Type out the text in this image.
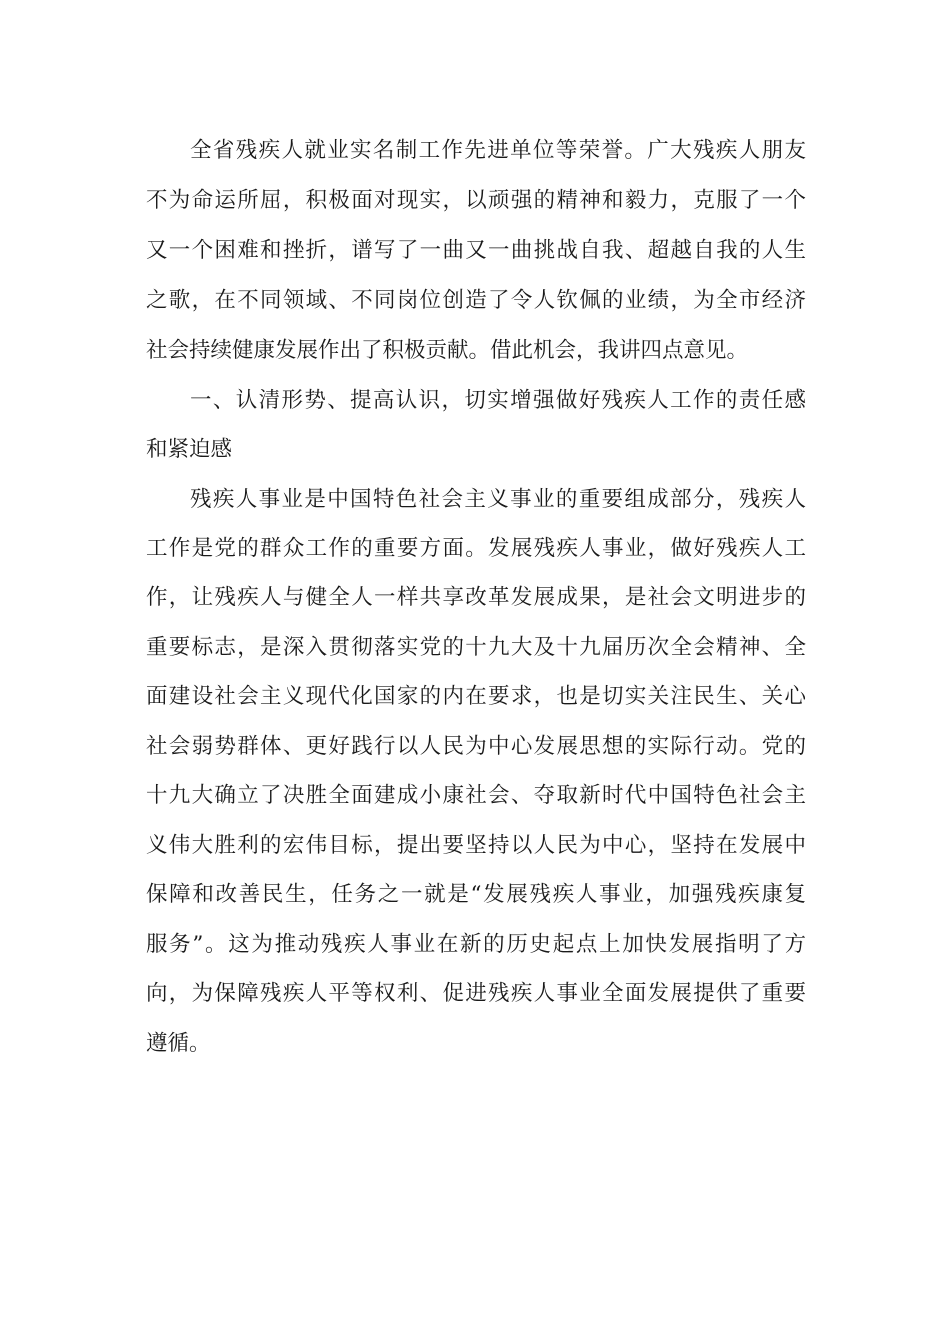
全省残疾人就业实名制工作先进单位等荣誉。广大残疾人朋友
不为命运所屈，积极面对现实，以顽强的精神和毅力，克服了一个
又一个困难和挫折，谱写了一曲又一曲挑战自我、超越自我的人生
之歌，在不同领域、不同岗位创造了令人钦佩的业绩，为全市经济
社会持续健康发展作出了积极贡献。借此机会，我讲四点意见。
一、认清形势、提高认识，切实增强做好残疾人工作的责任感
和紧迫感
残疾人事业是中国特色社会主义事业的重要组成部分，残疾人
工作是党的群众工作的重要方面。发展残疾人事业，做好残疾人工
作，让残疾人与健全人一样共享改革发展成果，是社会文明进步的
重要标志，是深入贯彻落实党的十九大及十九届历次全会精神、全
面建设社会主义现代化国家的内在要求，也是切实关注民生、关心
社会弱势群体、更好践行以人民为中心发展思想的实际行动。党的
十九大确立了决胜全面建成小康社会、夺取新时代中国特色社会主
义伟大胜利的宏伟目标，提出要坚持以人民为中心，坚持在发展中
保障和改善民生，任务之一就是“发展残疾人事业，加强残疾康复
服务”。这为推动残疾人事业在新的历史起点上加快发展指明了方
向，为保障残疾人平等权利、促进残疾人事业全面发展提供了重要
遵循。
